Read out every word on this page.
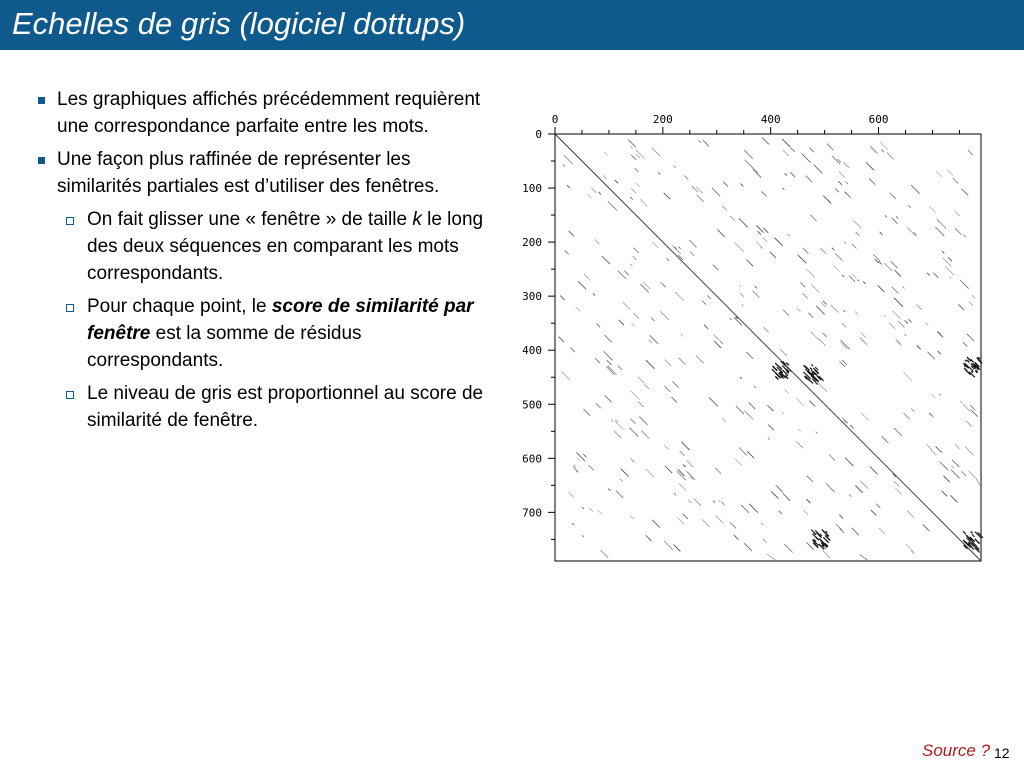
Echelles de gris (logiciel dottups)
Les graphiques affichés précédemment requièrent une correspondance parfaite entre les mots.
Une façon plus raffinée de représenter les similarités partiales est d’utiliser des fenêtres.
On fait glisser une « fenêtre » de taille k le long des deux séquences en comparant les mots correspondants.
Pour chaque point, le score de similarité par fenêtre est la somme de résidus correspondants.
Le niveau de gris est proportionnel au score de similarité de fenêtre.
0	200	400	600
0
100
200
300
400
500
600
700
Source ? 12
